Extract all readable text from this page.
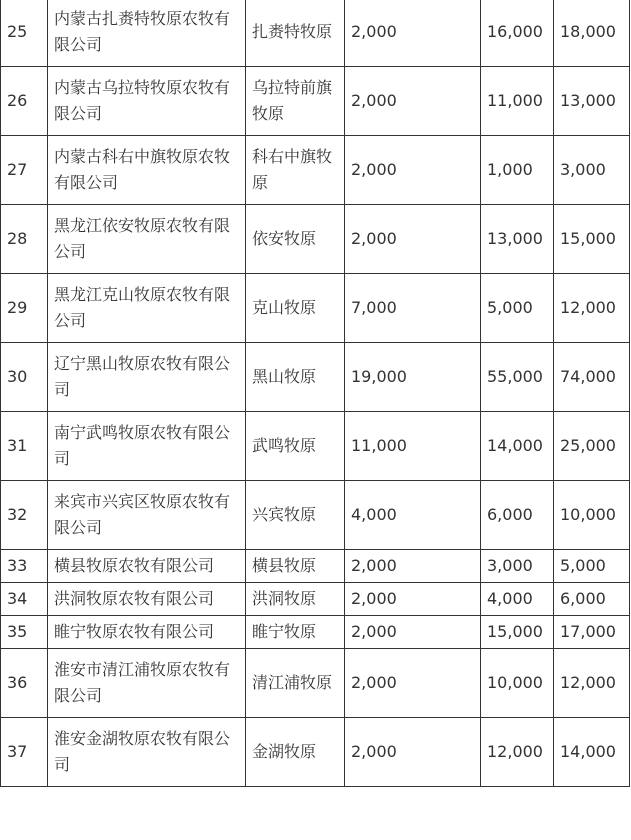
25	内蒙古扎赉特牧原农牧有限公司	扎赉特牧原	2,000	16,000	18,000
26	内蒙古乌拉特牧原农牧有限公司	乌拉特前旗牧原	2,000	11,000	13,000
27	内蒙古科右中旗牧原农牧有限公司	科右中旗牧原	2,000	1,000	3,000
28	黑龙江依安牧原农牧有限公司	依安牧原	2,000	13,000	15,000
29	黑龙江克山牧原农牧有限公司	克山牧原	7,000	5,000	12,000
30	辽宁黑山牧原农牧有限公司	黑山牧原	19,000	55,000	74,000
31	南宁武鸣牧原农牧有限公司	武鸣牧原	11,000	14,000	25,000
32	来宾市兴宾区牧原农牧有限公司	兴宾牧原	4,000	6,000	10,000
33	横县牧原农牧有限公司	横县牧原	2,000	3,000	5,000
34	洪洞牧原农牧有限公司	洪洞牧原	2,000	4,000	6,000
35	睢宁牧原农牧有限公司	睢宁牧原	2,000	15,000	17,000
36	淮安市清江浦牧原农牧有限公司	清江浦牧原	2,000	10,000	12,000
37	淮安金湖牧原农牧有限公司	金湖牧原	2,000	12,000	14,000
